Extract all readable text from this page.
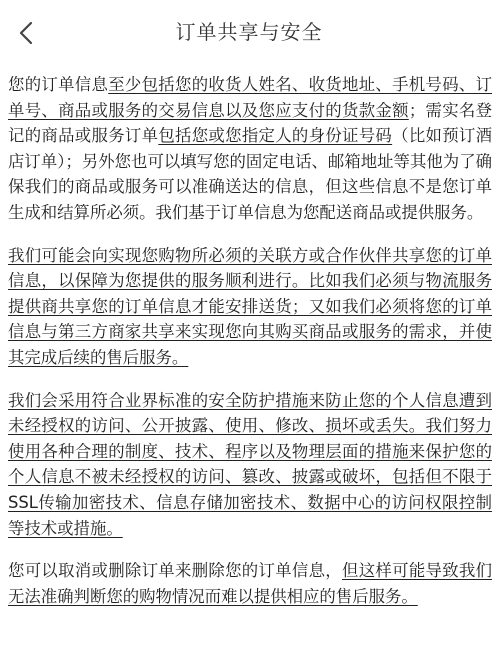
订单共享与安全

您的订单信息至少包括您的收货人姓名、收货地址、手机号码、订单号、商品或服务的交易信息以及您应支付的货款金额；需实名登记的商品或服务订单包括您或您指定人的身份证号码（比如预订酒店订单）；另外您也可以填写您的固定电话、邮箱地址等其他为了确保我们的商品或服务可以准确送达的信息，但这些信息不是您订单生成和结算所必须。我们基于订单信息为您配送商品或提供服务。

我们可能会向实现您购物所必须的关联方或合作伙伴共享您的订单信息，以保障为您提供的服务顺利进行。比如我们必须与物流服务提供商共享您的订单信息才能安排送货；又如我们必须将您的订单信息与第三方商家共享来实现您向其购买商品或服务的需求，并使其完成后续的售后服务。

我们会采用符合业界标准的安全防护措施来防止您的个人信息遭到未经授权的访问、公开披露、使用、修改、损坏或丢失。我们努力使用各种合理的制度、技术、程序以及物理层面的措施来保护您的个人信息不被未经授权的访问、篡改、披露或破坏，包括但不限于SSL传输加密技术、信息存储加密技术、数据中心的访问权限控制等技术或措施。

您可以取消或删除订单来删除您的订单信息，但这样可能导致我们无法准确判断您的购物情况而难以提供相应的售后服务。
